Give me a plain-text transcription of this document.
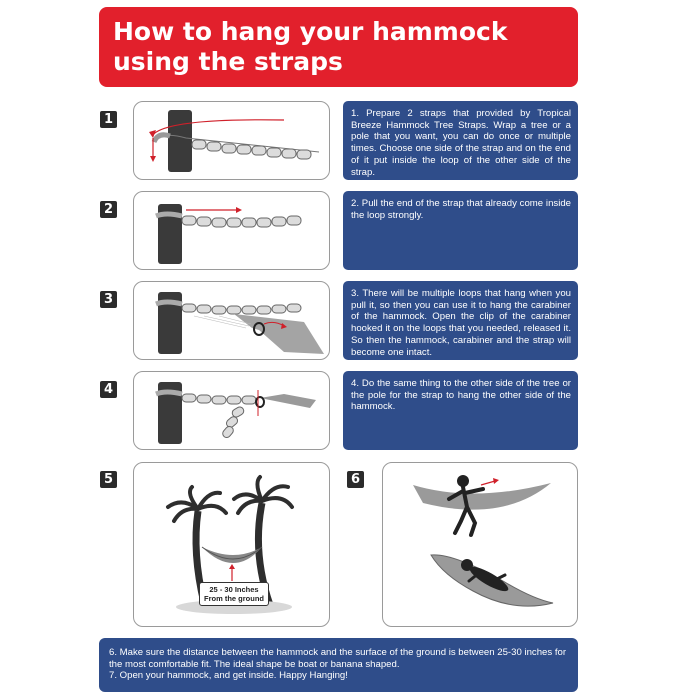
How to hang your hammock
using the straps
1
2
3
4
5	6

1. Prepare 2 straps that provided by Tropical Breeze Hammock Tree Straps. Wrap a tree or a pole that you want, you can do once or multiple times. Choose one side of the strap and on the end of it put inside the loop of the other side of the strap.

2. Pull the end of the strap that already come inside the loop strongly.

3. There will be multiple loops that hang when you pull it, so then you can use it to hang the carabiner of the hammock. Open the clip of the carabiner hooked it on the loops that you needed, released it. So then the hammock, carabiner and the strap will become one intact.

4. Do the same thing to the other side of the tree or the pole for the strap to hang the other side of the hammock.

25 - 30 Inches
From the ground

6. Make sure the distance between the hammock and the surface of the ground is between 25-30 inches for the most comfortable fit. The ideal shape be boat or banana shaped.

7. Open your hammock, and get inside. Happy Hanging!
